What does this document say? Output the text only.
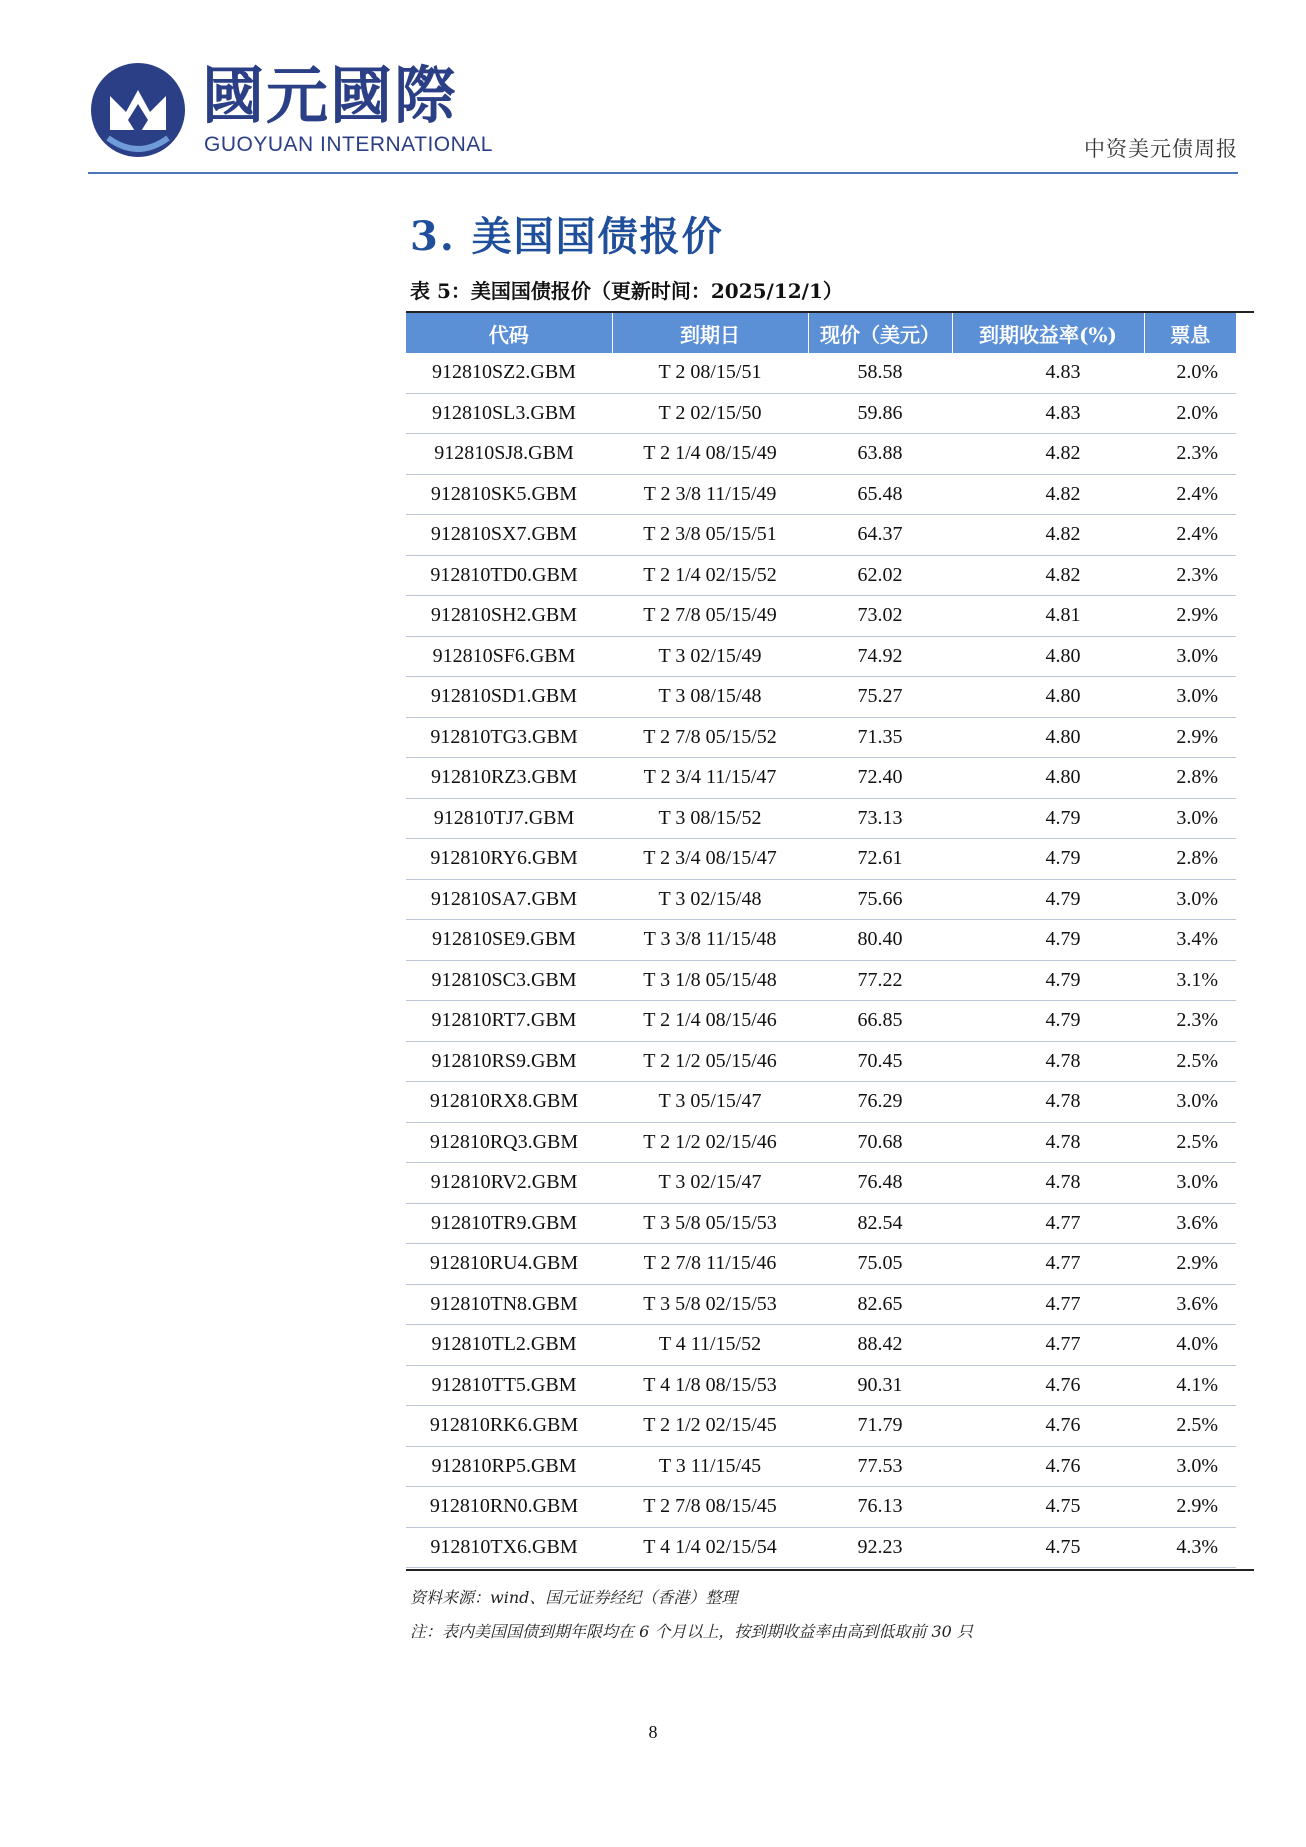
國元國際
GUOYUAN INTERNATIONAL	中资美元债周报
3. 美国国债报价
表 5：美国国债报价（更新时间：2025/12/1）
代码	到期日	现价（美元）	到期收益率(%)	票息
912810SZ2.GBM	T 2 08/15/51	58.58	4.83	2.0%
912810SL3.GBM	T 2 02/15/50	59.86	4.83	2.0%
912810SJ8.GBM	T 2 1/4 08/15/49	63.88	4.82	2.3%
912810SK5.GBM	T 2 3/8 11/15/49	65.48	4.82	2.4%
912810SX7.GBM	T 2 3/8 05/15/51	64.37	4.82	2.4%
912810TD0.GBM	T 2 1/4 02/15/52	62.02	4.82	2.3%
912810SH2.GBM	T 2 7/8 05/15/49	73.02	4.81	2.9%
912810SF6.GBM	T 3 02/15/49	74.92	4.80	3.0%
912810SD1.GBM	T 3 08/15/48	75.27	4.80	3.0%
912810TG3.GBM	T 2 7/8 05/15/52	71.35	4.80	2.9%
912810RZ3.GBM	T 2 3/4 11/15/47	72.40	4.80	2.8%
912810TJ7.GBM	T 3 08/15/52	73.13	4.79	3.0%
912810RY6.GBM	T 2 3/4 08/15/47	72.61	4.79	2.8%
912810SA7.GBM	T 3 02/15/48	75.66	4.79	3.0%
912810SE9.GBM	T 3 3/8 11/15/48	80.40	4.79	3.4%
912810SC3.GBM	T 3 1/8 05/15/48	77.22	4.79	3.1%
912810RT7.GBM	T 2 1/4 08/15/46	66.85	4.79	2.3%
912810RS9.GBM	T 2 1/2 05/15/46	70.45	4.78	2.5%
912810RX8.GBM	T 3 05/15/47	76.29	4.78	3.0%
912810RQ3.GBM	T 2 1/2 02/15/46	70.68	4.78	2.5%
912810RV2.GBM	T 3 02/15/47	76.48	4.78	3.0%
912810TR9.GBM	T 3 5/8 05/15/53	82.54	4.77	3.6%
912810RU4.GBM	T 2 7/8 11/15/46	75.05	4.77	2.9%
912810TN8.GBM	T 3 5/8 02/15/53	82.65	4.77	3.6%
912810TL2.GBM	T 4 11/15/52	88.42	4.77	4.0%
912810TT5.GBM	T 4 1/8 08/15/53	90.31	4.76	4.1%
912810RK6.GBM	T 2 1/2 02/15/45	71.79	4.76	2.5%
912810RP5.GBM	T 3 11/15/45	77.53	4.76	3.0%
912810RN0.GBM	T 2 7/8 08/15/45	76.13	4.75	2.9%
912810TX6.GBM	T 4 1/4 02/15/54	92.23	4.75	4.3%
资料来源：wind、国元证券经纪（香港）整理
注：表内美国国债到期年限均在 6 个月以上，按到期收益率由高到低取前 30 只
8
